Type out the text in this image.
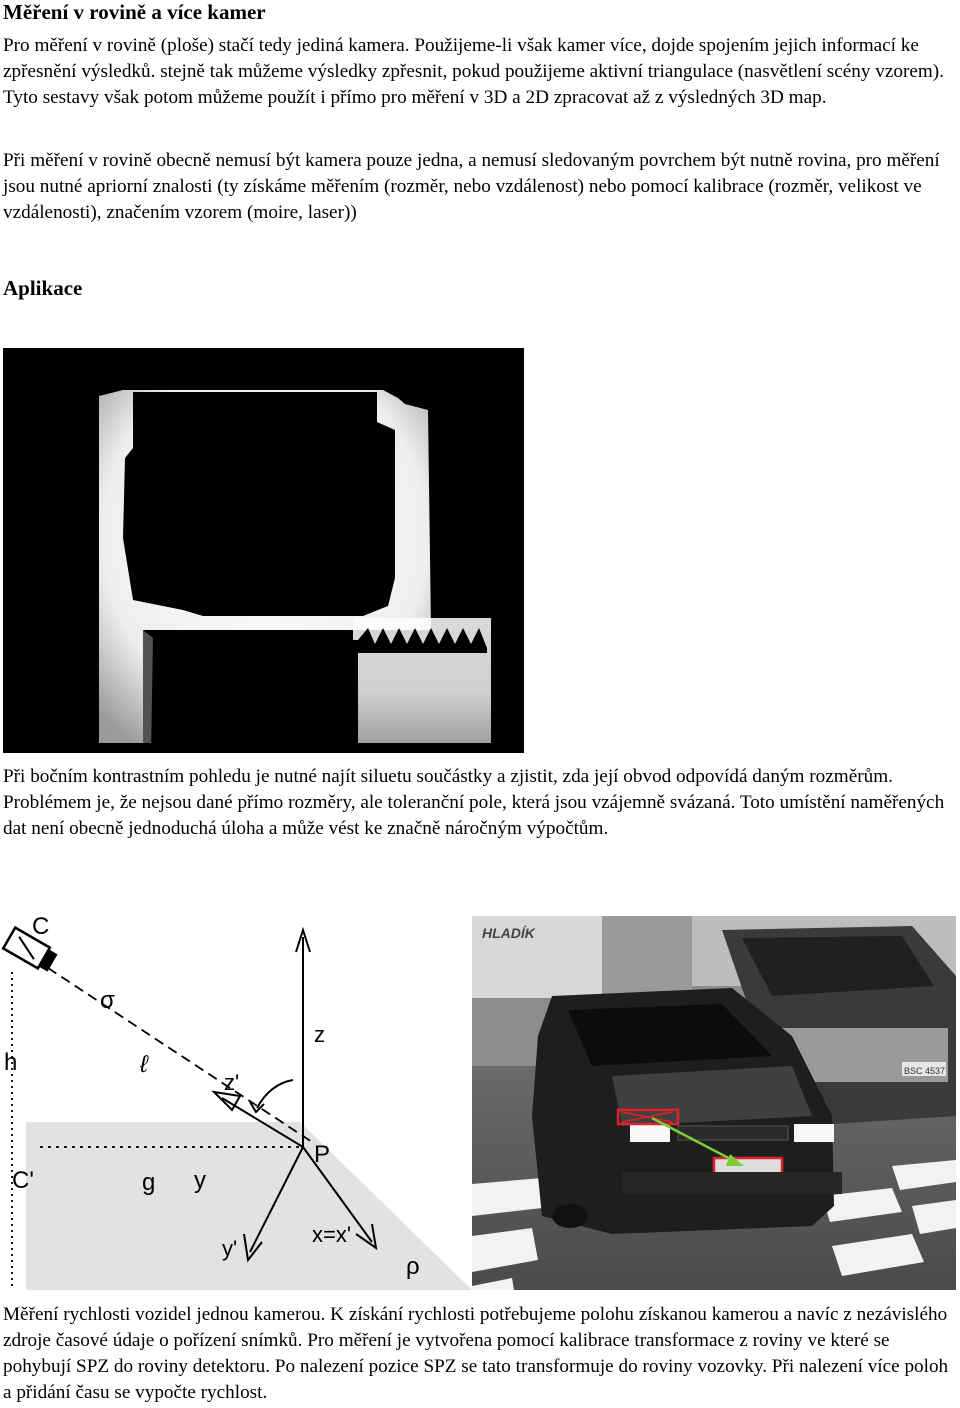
Měření v rovině a více kamer

Pro měření v rovině (ploše) stačí tedy jediná kamera. Použijeme-li však kamer více, dojde spojením jejich informací ke zpřesnění výsledků. stejně tak můžeme výsledky zpřesnit, pokud použijeme aktivní triangulace (nasvětlení scény vzorem). Tyto sestavy však potom můžeme použít i přímo pro měření v 3D a 2D zpracovat až z výsledných 3D map.

Při měření v rovině obecně nemusí být kamera pouze jedna, a nemusí sledovaným povrchem být nutně rovina, pro měření jsou nutné apriorní znalosti (ty získáme měřením (rozměr, nebo vzdálenost) nebo pomocí kalibrace (rozměr, velikost ve vzdálenosti), značením vzorem (moire, laser))

Aplikace

Při bočním kontrastním pohledu je nutné najít siluetu součástky a zjistit, zda její obvod odpovídá daným rozměrům. Problémem je, že nejsou dané přímo rozměry, ale toleranční pole, která jsou vzájemně svázaná. Toto umístění naměřených dat není obecně jednoduchá úloha a může vést ke značně náročným výpočtům.

C
σ
h	ℓ
z
z'
P
C'	g y
y'
x=x'
ρ
HLADÍK
BSC 4537

Měření rychlosti vozidel jednou kamerou. K získání rychlosti potřebujeme polohu získanou kamerou a navíc z nezávislého zdroje časové údaje o pořízení snímků. Pro měření je vytvořena pomocí kalibrace transformace z roviny ve které se pohybují SPZ do roviny detektoru. Po nalezení pozice SPZ se tato transformuje do roviny vozovky. Při nalezení více poloh a přidání času se vypočte rychlost.
